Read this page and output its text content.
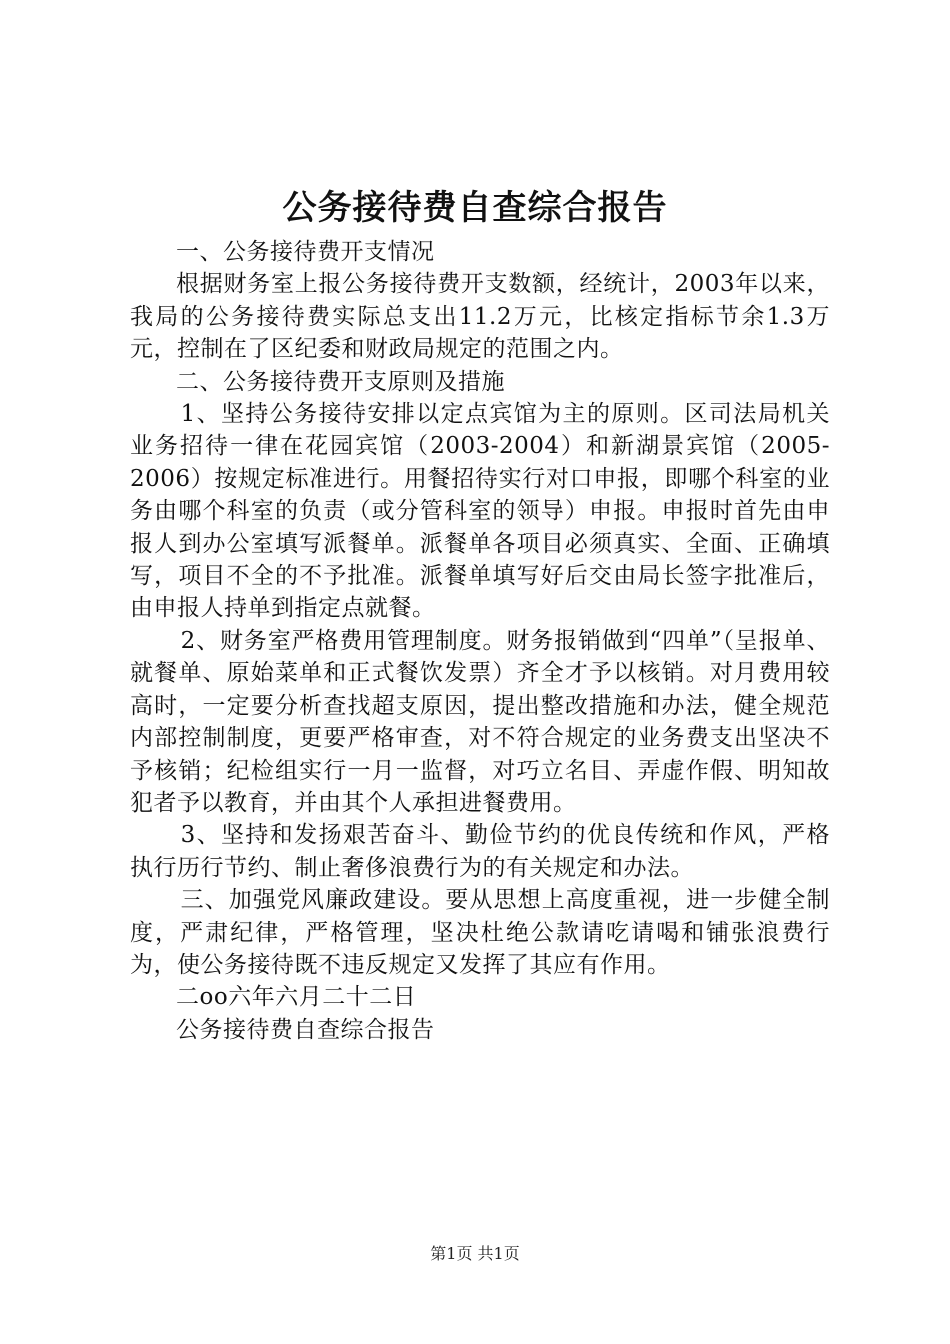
公务接待费自查综合报告

一、公务接待费开支情况

根据财务室上报公务接待费开支数额，经统计，2003年以来，我局的公务接待费实际总支出11.2万元，比核定指标节余1.3万元，控制在了区纪委和财政局规定的范围之内。

二、公务接待费开支原则及措施

1、坚持公务接待安排以定点宾馆为主的原则。区司法局机关业务招待一律在花园宾馆（2003-2004）和新湖景宾馆（2005-2006）按规定标准进行。用餐招待实行对口申报，即哪个科室的业务由哪个科室的负责（或分管科室的领导）申报。申报时首先由申报人到办公室填写派餐单。派餐单各项目必须真实、全面、正确填写，项目不全的不予批准。派餐单填写好后交由局长签字批准后，由申报人持单到指定点就餐。

2、财务室严格费用管理制度。财务报销做到“四单”（呈报单、就餐单、原始菜单和正式餐饮发票）齐全才予以核销。对月费用较高时，一定要分析查找超支原因，提出整改措施和办法，健全规范内部控制制度，更要严格审查，对不符合规定的业务费支出坚决不予核销；纪检组实行一月一监督，对巧立名目、弄虚作假、明知故犯者予以教育，并由其个人承担进餐费用。

3、坚持和发扬艰苦奋斗、勤俭节约的优良传统和作风，严格执行历行节约、制止奢侈浪费行为的有关规定和办法。

三、加强党风廉政建设。要从思想上高度重视，进一步健全制度，严肃纪律，严格管理，坚决杜绝公款请吃请喝和铺张浪费行为，使公务接待既不违反规定又发挥了其应有作用。

二oo六年六月二十二日

公务接待费自查综合报告

第1页 共1页
